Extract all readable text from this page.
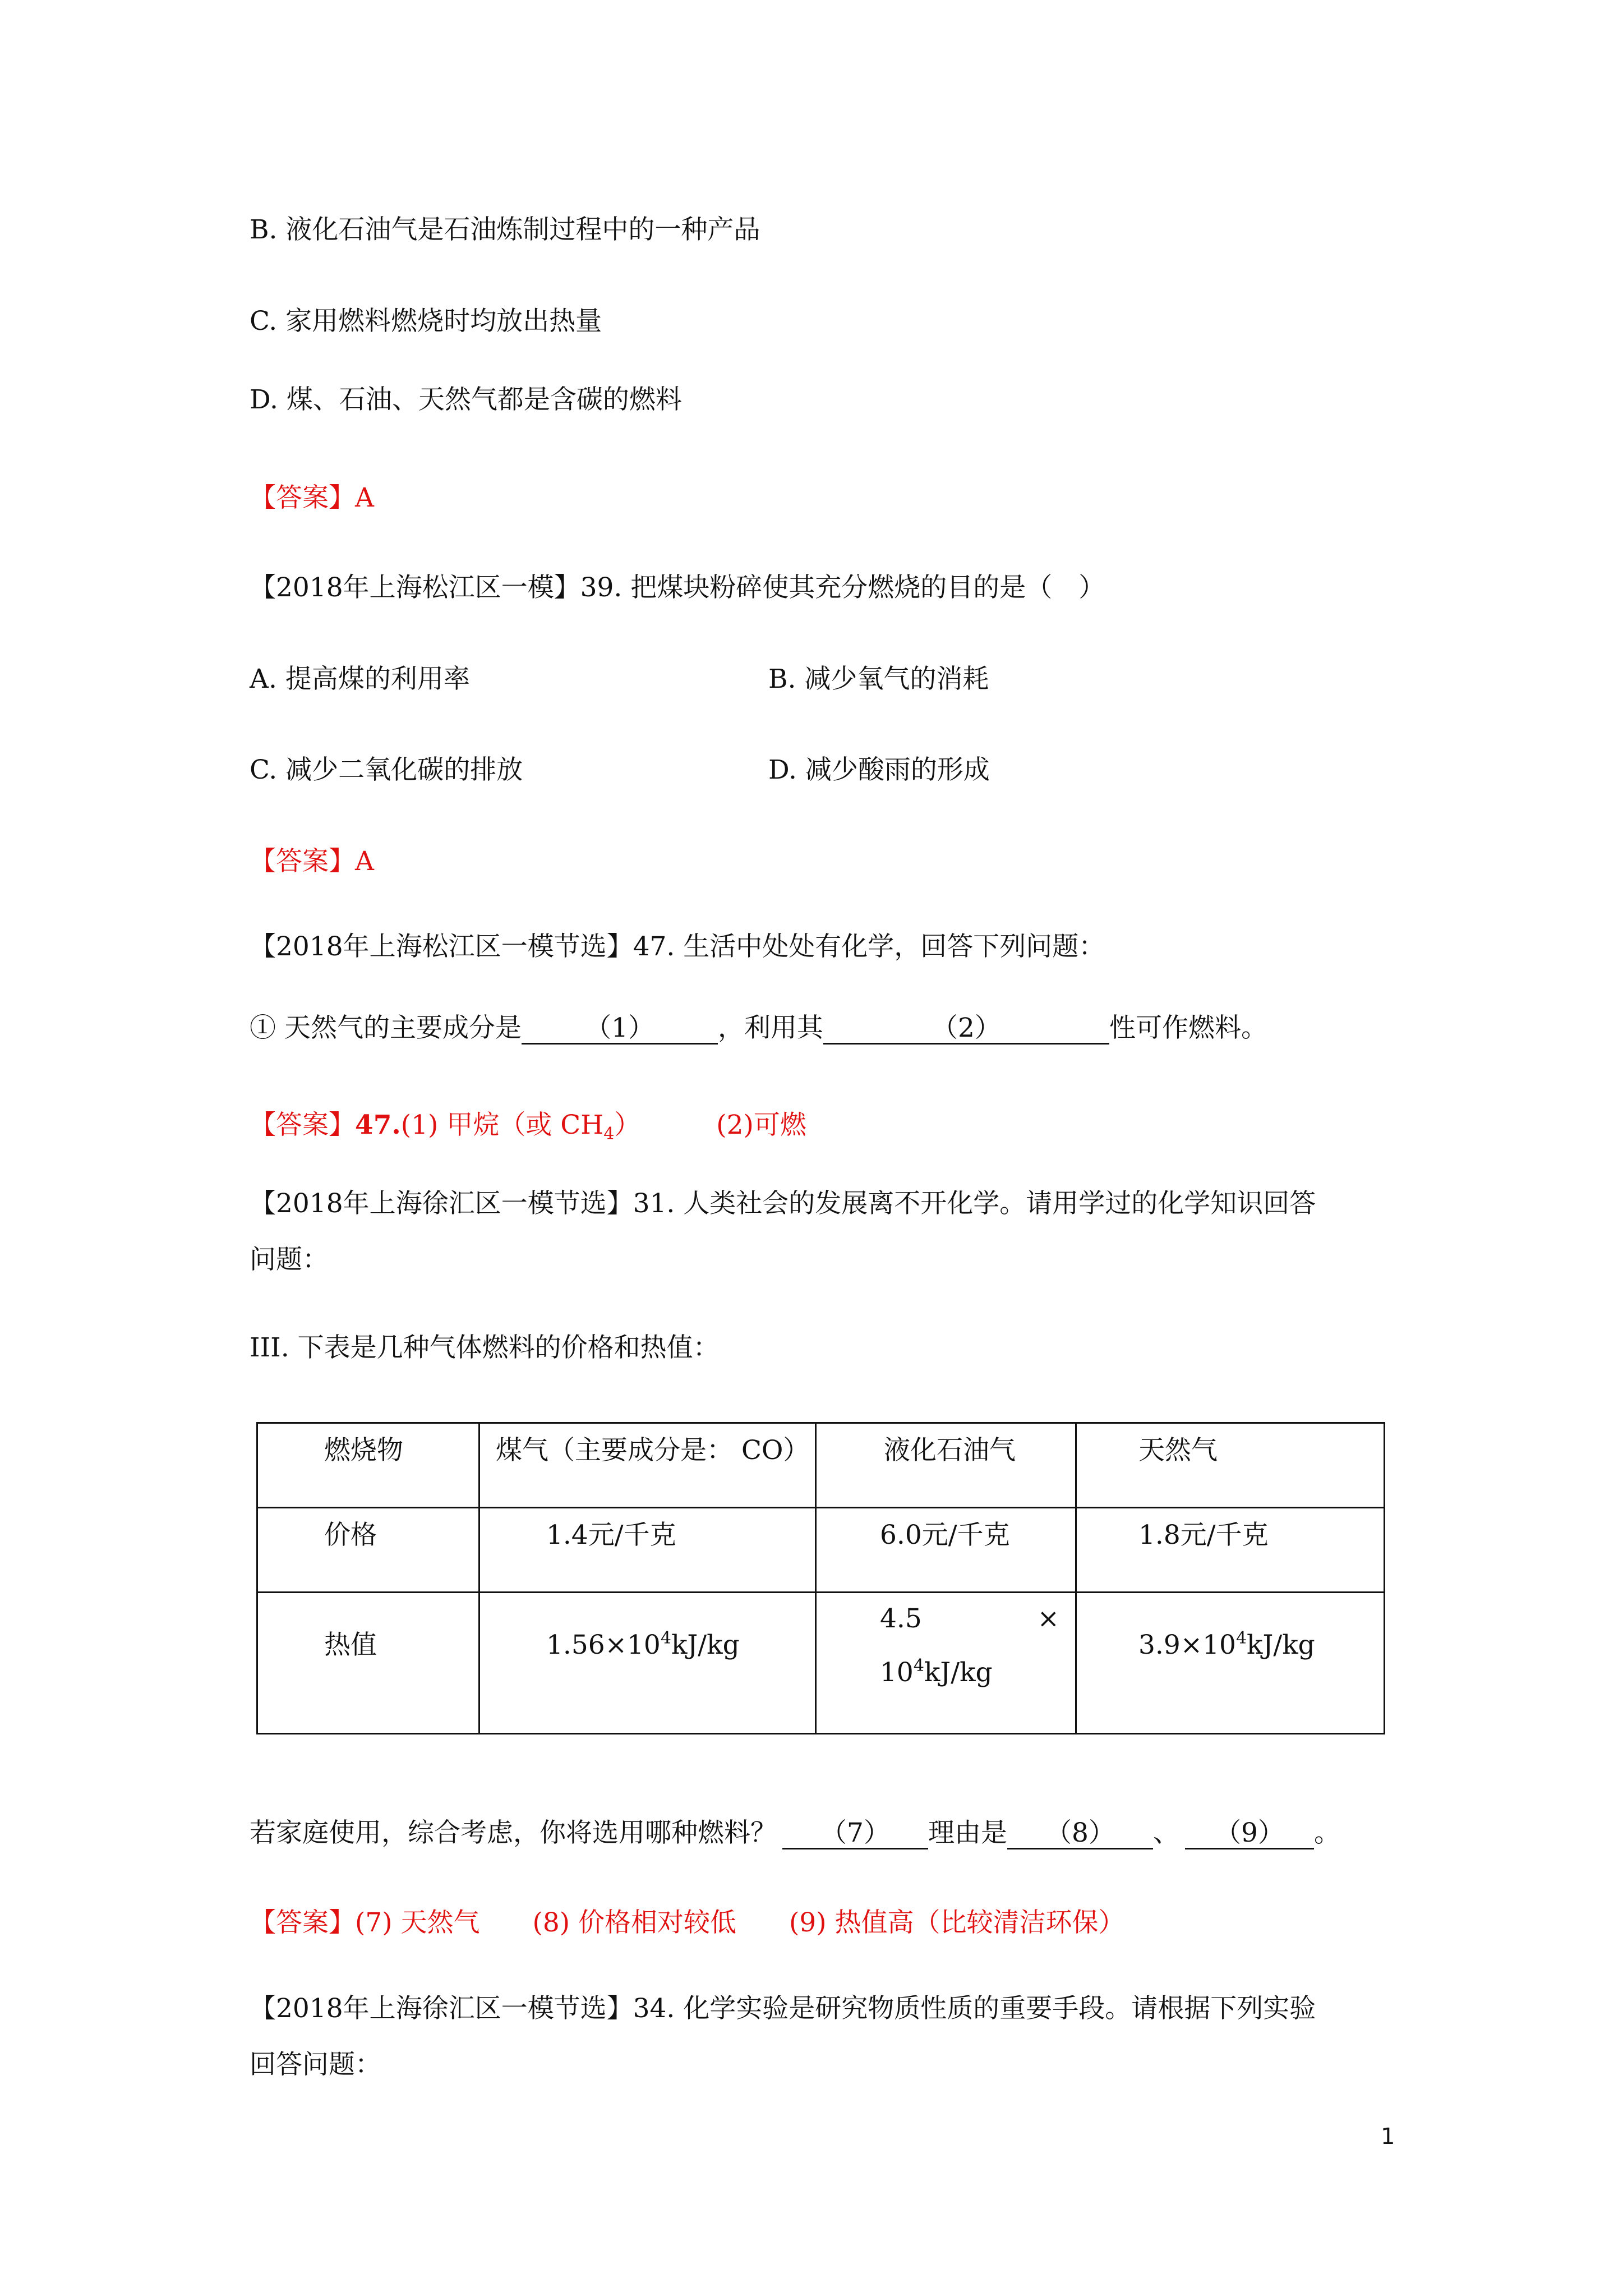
B. 液化石油气是石油炼制过程中的一种产品
C. 家用燃料燃烧时均放出热量
D. 煤、石油、天然气都是含碳的燃料
【答案】A
【2018年上海松江区一模】39. 把煤块粉碎使其充分燃烧的目的是（　）
A. 提高煤的利用率	B. 减少氧气的消耗
C. 减少二氧化碳的排放	D. 减少酸雨的形成
【答案】A
【2018年上海松江区一模节选】47. 生活中处处有化学，回答下列问题：
① 天然气的主要成分是 （1） ，利用其	（2）	性可作燃料。
【答案】47.(1) 甲烷（或 $CH_4$）	(2)可燃
【2018年上海徐汇区一模节选】31. 人类社会的发展离不开化学。请用学过的化学知识回答
问题：
III. 下表是几种气体燃料的价格和热值：
燃烧物	煤气（主要成分是： CO）	液化石油气	天然气

价格	1.4元/千克	6.0元/千克	1.8元/千克

热值	$1.56\times 10^4kJ/kg$	4.5 ×
$10^4kJ/kg$	$3.9\times 10^4kJ/kg$
若家庭使用，综合考虑，你将选用哪种燃料？ （7） 理由是 （8） 、 （9） 。
【答案】(7) 天然气　　(8) 价格相对较低　　(9) 热值高（比较清洁环保）
【2018年上海徐汇区一模节选】34. 化学实验是研究物质性质的重要手段。请根据下列实验
回答问题：
1
